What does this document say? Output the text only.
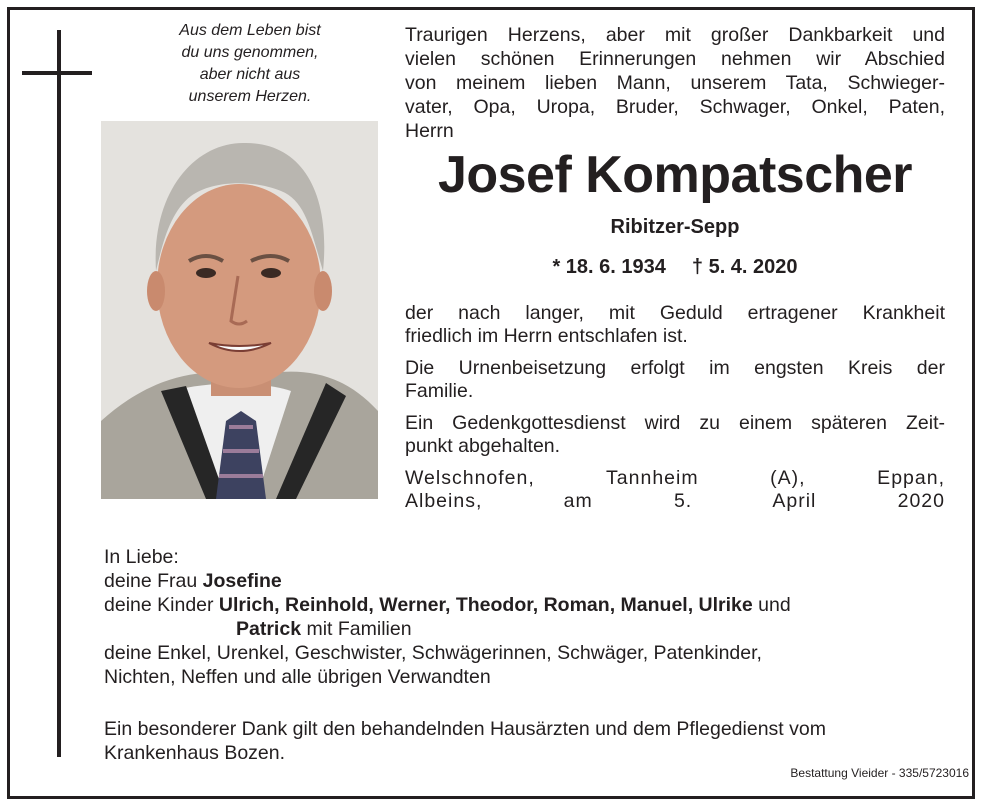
Aus dem Leben bist
du uns genommen,
aber nicht aus
unserem Herzen.
Traurigen Herzens, aber mit großer Dankbarkeit und
vielen schönen Erinnerungen nehmen wir Abschied
von meinem lieben Mann, unserem Tata, Schwieger-
vater, Opa, Uropa, Bruder, Schwager, Onkel, Paten,
Herrn
Josef Kompatscher
Ribitzer-Sepp
* 18. 6. 1934 † 5. 4. 2020

der nach langer, mit Geduld ertragener Krankheit
friedlich im Herrn entschlafen ist.

Die Urnenbeisetzung erfolgt im engsten Kreis der
Familie.

Ein Gedenkgottesdienst wird zu einem späteren Zeit-
punkt abgehalten.

Welschnofen, Tannheim (A), Eppan,
Albeins, am 5. April 2020

In Liebe:
deine Frau Josefine
deine Kinder Ulrich, Reinhold, Werner, Theodor, Roman, Manuel, Ulrike und
Patrick mit Familien
deine Enkel, Urenkel, Geschwister, Schwägerinnen, Schwäger, Patenkinder,
Nichten, Neffen und alle übrigen Verwandten
Ein besonderer Dank gilt den behandelnden Hausärzten und dem Pflegedienst vom
Krankenhaus Bozen.
Bestattung Vieider - 335/5723016
